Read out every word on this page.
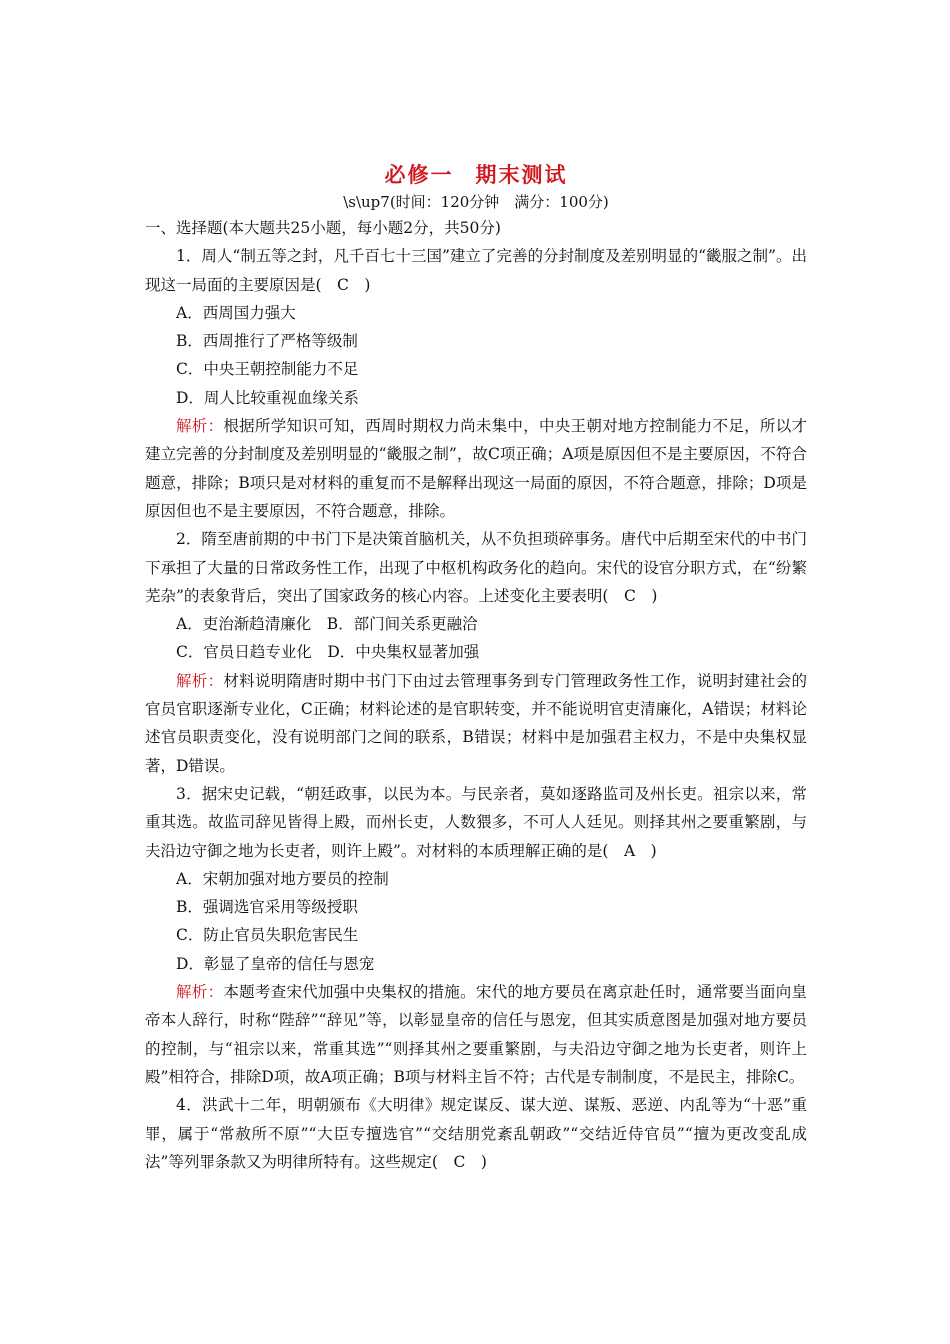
必修一 期末测试
\s\up7(时间：120分钟　满分：100分)

一、选择题(本大题共25小题，每小题2分，共50分)

1．周人“制五等之封，凡千百七十三国”建立了完善的分封制度及差别明显的“畿服之制”。出现这一局面的主要原因是(　C　)

A．西周国力强大

B．西周推行了严格等级制

C．中央王朝控制能力不足

D．周人比较重视血缘关系

解析：根据所学知识可知，西周时期权力尚未集中，中央王朝对地方控制能力不足，所以才建立完善的分封制度及差别明显的“畿服之制”，故C项正确；A项是原因但不是主要原因，不符合题意，排除；B项只是对材料的重复而不是解释出现这一局面的原因，不符合题意，排除；D项是原因但也不是主要原因，不符合题意，排除。

2．隋至唐前期的中书门下是决策首脑机关，从不负担琐碎事务。唐代中后期至宋代的中书门下承担了大量的日常政务性工作，出现了中枢机构政务化的趋向。宋代的设官分职方式，在“纷繁芜杂”的表象背后，突出了国家政务的核心内容。上述变化主要表明(　C　)

A．吏治渐趋清廉化　B．部门间关系更融洽

C．官员日趋专业化　D．中央集权显著加强

解析：材料说明隋唐时期中书门下由过去管理事务到专门管理政务性工作，说明封建社会的官员官职逐渐专业化，C正确；材料论述的是官职转变，并不能说明官吏清廉化，A错误；材料论述官员职责变化，没有说明部门之间的联系，B错误；材料中是加强君主权力，不是中央集权显著，D错误。

3．据宋史记载，“朝廷政事，以民为本。与民亲者，莫如逐路监司及州长吏。祖宗以来，常重其选。故监司辞见皆得上殿，而州长吏，人数猥多，不可人人廷见。则择其州之要重繁剧，与夫沿边守御之地为长吏者，则许上殿”。对材料的本质理解正确的是(　A　)

A．宋朝加强对地方要员的控制

B．强调选官采用等级授职

C．防止官员失职危害民生

D．彰显了皇帝的信任与恩宠

解析：本题考查宋代加强中央集权的措施。宋代的地方要员在离京赴任时，通常要当面向皇帝本人辞行，时称“陛辞”“辞见”等，以彰显皇帝的信任与恩宠，但其实质意图是加强对地方要员的控制，与“祖宗以来，常重其选”“则择其州之要重繁剧，与夫沿边守御之地为长吏者，则许上殿”相符合，排除D项，故A项正确；B项与材料主旨不符；古代是专制制度，不是民主，排除C。

4．洪武十二年，明朝颁布《大明律》规定谋反、谋大逆、谋叛、恶逆、内乱等为“十恶”重罪，属于“常赦所不原”“大臣专擅选官”“交结朋党紊乱朝政”“交结近侍官员”“擅为更改变乱成法”等列罪条款又为明律所特有。这些规定(　C　)
